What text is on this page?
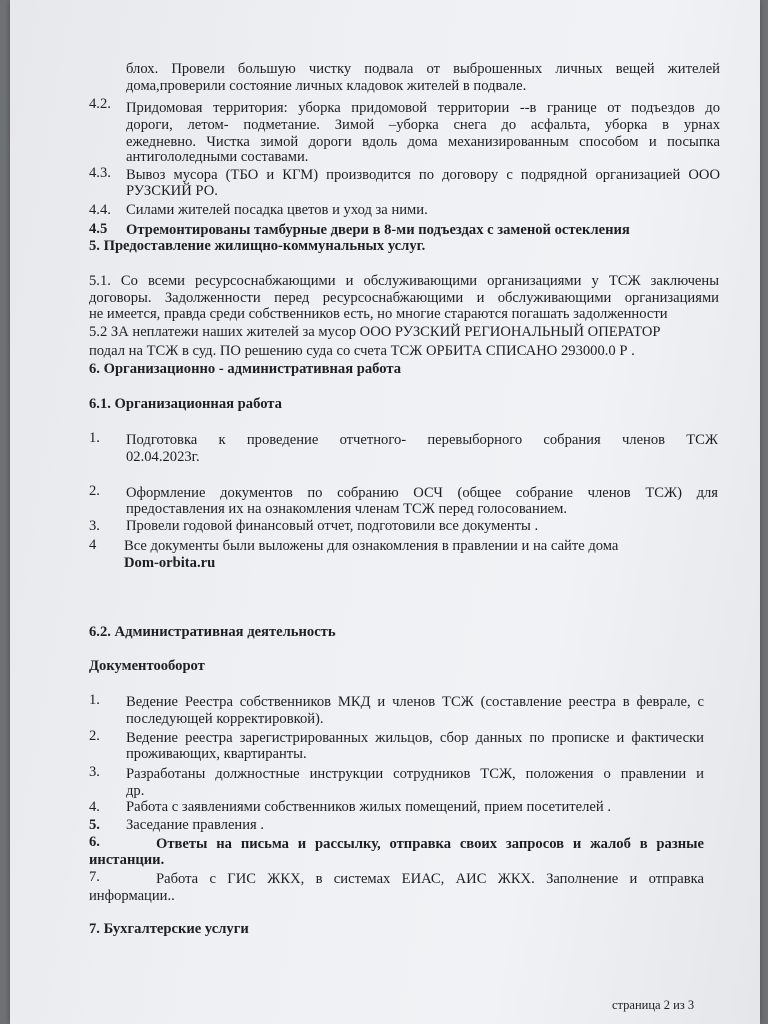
блох. Провели большую чистку подвала от выброшенных личных вещей жителей
дома,проверили состояние личных кладовок жителей в подвале.
4.2. Придомовая территория: уборка придомовой территории --в границе от подъездов до
дороги, летом- подметание. Зимой –уборка снега до асфальта, уборка в урнах
ежедневно. Чистка зимой дороги вдоль дома механизированным способом и посыпка
антигололедными составами.
4.3. Вывоз мусора (ТБО и КГМ) производится по договору с подрядной организацией ООО
РУЗСКИЙ РО.
4.4. Силами жителей посадка цветов и уход за ними.
4.5 Отремонтированы тамбурные двери в 8-ми подъездах с заменой остекления
5. Предоставление жилищно-коммунальных услуг.
5.1. Со всеми ресурсоснабжающими и обслуживающими организациями у ТСЖ заключены
договоры. Задолженности перед ресурсоснабжающими и обслуживающими организациями
не имеется, правда среди собственников есть, но многие стараются погашать задолженности
5.2 ЗА неплатежи наших жителей за мусор ООО РУЗСКИЙ РЕГИОНАЛЬНЫЙ ОПЕРАТОР
подал на ТСЖ в суд. ПО решению суда со счета ТСЖ ОРБИТА СПИСАНО 293000.0 Р .
6. Организационно - административная работа
6.1. Организационная работа
1. Подготовка к проведение отчетного- перевыборного собрания членов ТСЖ
02.04.2023г.
2. Оформление документов по собранию ОСЧ (общее собрание членов ТСЖ) для
предоставления их на ознакомления членам ТСЖ перед голосованием.
3. Провели годовой финансовый отчет, подготовили все документы .
4 Все документы были выложены для ознакомления в правлении и на сайте дома
Dom-orbita.ru
6.2. Административная деятельность
Документооборот
1. Ведение Реестра собственников МКД и членов ТСЖ (составление реестра в феврале, с
последующей корректировкой).
2. Ведение реестра зарегистрированных жильцов, сбор данных по прописке и фактически
проживающих, квартиранты.
3. Разработаны должностные инструкции сотрудников ТСЖ, положения о правлении и
др.
4. Работа с заявлениями собственников жилых помещений, прием посетителей .
5. Заседание правления .
6.	Ответы на письма и рассылку, отправка своих запросов и жалоб в разные
инстанции.
7.	Работа с ГИС ЖКХ, в системах ЕИАС, АИС ЖКХ. Заполнение и отправка
информации..
7. Бухгалтерские услуги
страница 2 из 3
